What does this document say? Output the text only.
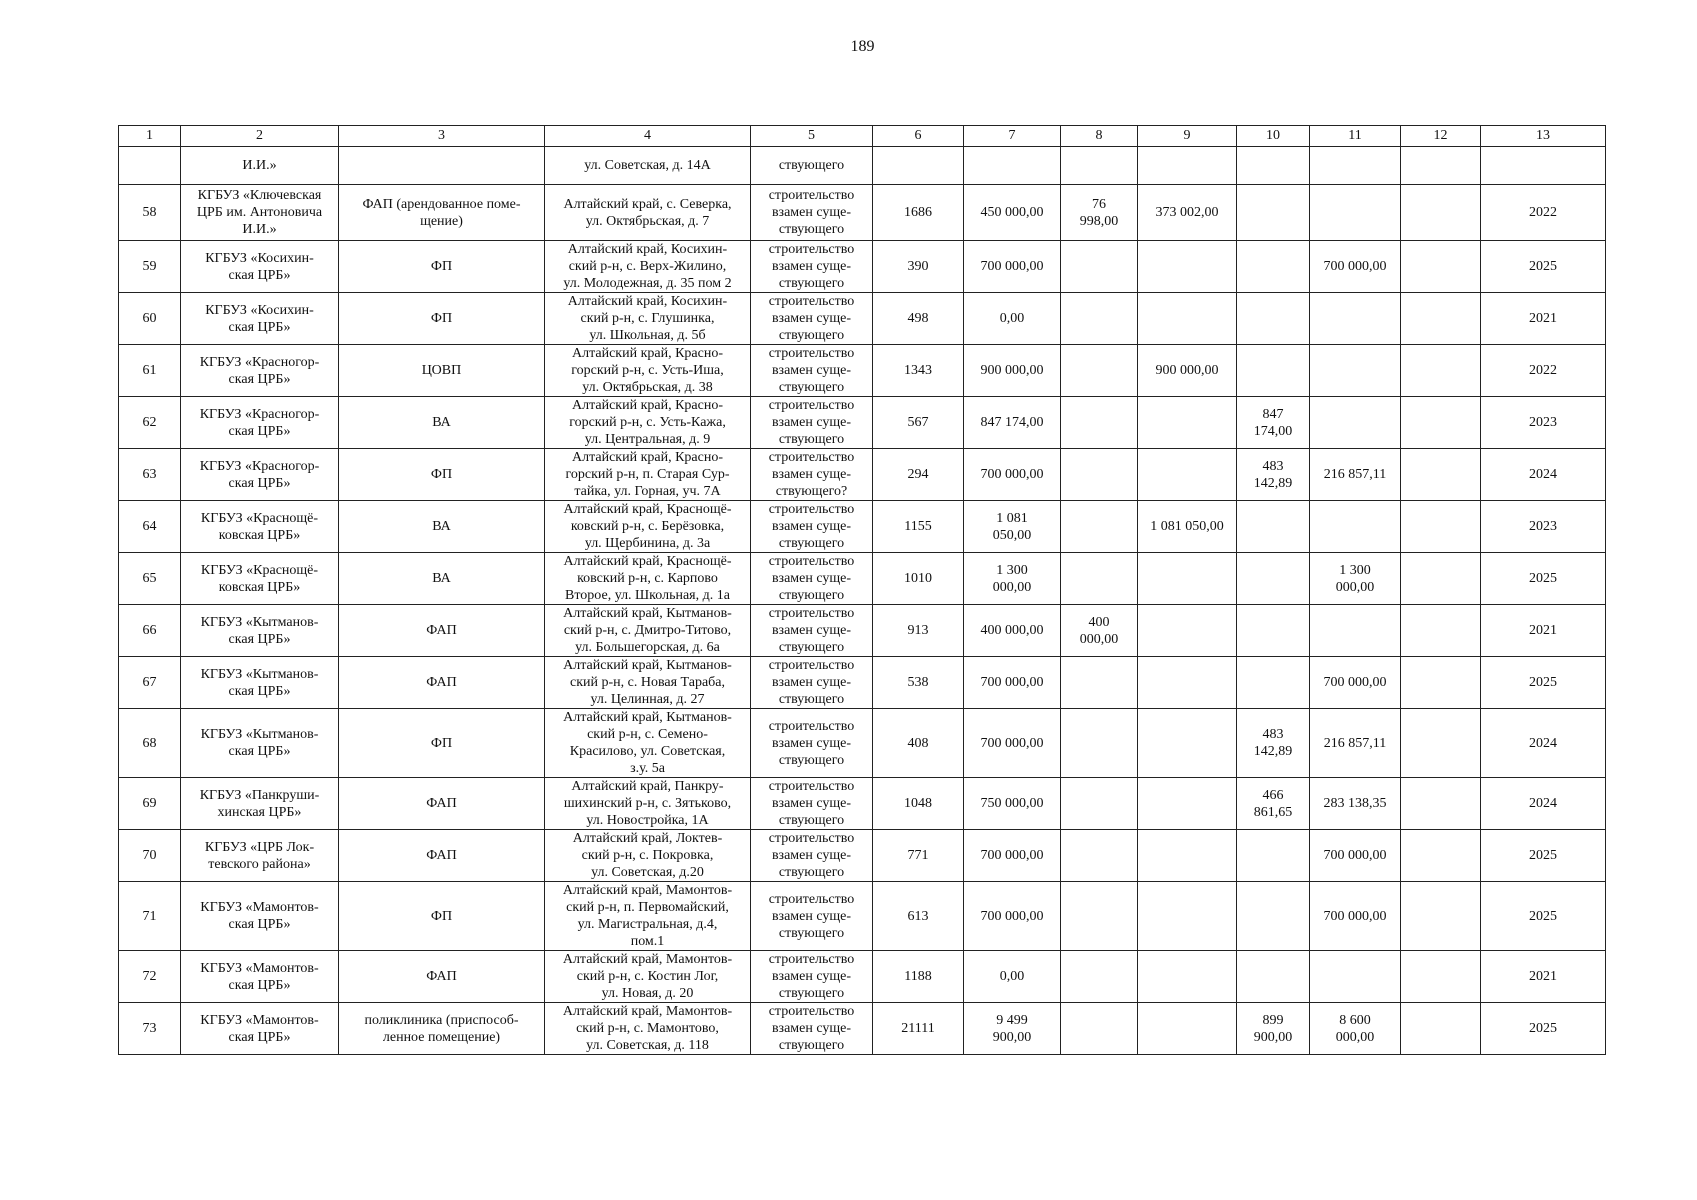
189
1	2	3	4	5	6	7	8	9	10	11	12	13
	И.И.»		ул. Советская, д. 14А	ствующего								
58	КГБУЗ «Ключевская
ЦРБ им. Антоновича
И.И.»	ФАП (арендованное поме-
щение)	Алтайский край, с. Северка,
ул. Октябрьская, д. 7	строительство
взамен суще-
ствующего	1686	450 000,00	76
998,00	373 002,00				2022
59	КГБУЗ «Косихин-
ская ЦРБ»	ФП	Алтайский край, Косихин-
ский р-н, с. Верх-Жилино,
ул. Молодежная, д. 35 пом 2	строительство
взамен суще-
ствующего	390	700 000,00				700 000,00		2025
60	КГБУЗ «Косихин-
ская ЦРБ»	ФП	Алтайский край, Косихин-
ский р-н, с. Глушинка,
ул. Школьная, д. 5б	строительство
взамен суще-
ствующего	498	0,00						2021
61	КГБУЗ «Красногор-
ская ЦРБ»	ЦОВП	Алтайский край, Красно-
горский р-н, с. Усть-Иша,
ул. Октябрьская, д. 38	строительство
взамен суще-
ствующего	1343	900 000,00		900 000,00				2022
62	КГБУЗ «Красногор-
ская ЦРБ»	ВА	Алтайский край, Красно-
горский р-н, с. Усть-Кажа,
ул. Центральная, д. 9	строительство
взамен суще-
ствующего	567	847 174,00			847
174,00			2023
63	КГБУЗ «Красногор-
ская ЦРБ»	ФП	Алтайский край, Красно-
горский р-н, п. Старая Сур-
тайка, ул. Горная, уч. 7А	строительство
взамен суще-
ствующего?	294	700 000,00			483
142,89	216 857,11		2024
64	КГБУЗ «Краснощё-
ковская ЦРБ»	ВА	Алтайский край, Краснощё-
ковский р-н, с. Берёзовка,
ул. Щербинина, д. 3а	строительство
взамен суще-
ствующего	1155	1 081
050,00		1 081 050,00				2023
65	КГБУЗ «Краснощё-
ковская ЦРБ»	ВА	Алтайский край, Краснощё-
ковский р-н, с. Карпово
Второе, ул. Школьная, д. 1а	строительство
взамен суще-
ствующего	1010	1 300
000,00				1 300
000,00		2025
66	КГБУЗ «Кытманов-
ская ЦРБ»	ФАП	Алтайский край, Кытманов-
ский р-н, с. Дмитро-Титово,
ул. Большегорская, д. 6а	строительство
взамен суще-
ствующего	913	400 000,00	400
000,00					2021
67	КГБУЗ «Кытманов-
ская ЦРБ»	ФАП	Алтайский край, Кытманов-
ский р-н, с. Новая Тараба,
ул. Целинная, д. 27	строительство
взамен суще-
ствующего	538	700 000,00				700 000,00		2025
68	КГБУЗ «Кытманов-
ская ЦРБ»	ФП	Алтайский край, Кытманов-
ский р-н, с. Семено-
Красилово, ул. Советская,
з.у. 5а	строительство
взамен суще-
ствующего	408	700 000,00			483
142,89	216 857,11		2024
69	КГБУЗ «Панкруши-
хинская ЦРБ»	ФАП	Алтайский край, Панкру-
шихинский р-н, с. Зятьково,
ул. Новостройка, 1А	строительство
взамен суще-
ствующего	1048	750 000,00			466
861,65	283 138,35		2024
70	КГБУЗ «ЦРБ Лок-
тевского района»	ФАП	Алтайский край, Локтев-
ский р-н, с. Покровка,
ул. Советская, д.20	строительство
взамен суще-
ствующего	771	700 000,00				700 000,00		2025
71	КГБУЗ «Мамонтов-
ская ЦРБ»	ФП	Алтайский край, Мамонтов-
ский р-н, п. Первомайский,
ул. Магистральная, д.4,
пом.1	строительство
взамен суще-
ствующего	613	700 000,00				700 000,00		2025
72	КГБУЗ «Мамонтов-
ская ЦРБ»	ФАП	Алтайский край, Мамонтов-
ский р-н, с. Костин Лог,
ул. Новая, д. 20	строительство
взамен суще-
ствующего	1188	0,00						2021
73	КГБУЗ «Мамонтов-
ская ЦРБ»	поликлиника (приспособ-
ленное помещение)	Алтайский край, Мамонтов-
ский р-н, с. Мамонтово,
ул. Советская, д. 118	строительство
взамен суще-
ствующего	21111	9 499
900,00			899
900,00	8 600
000,00		2025
